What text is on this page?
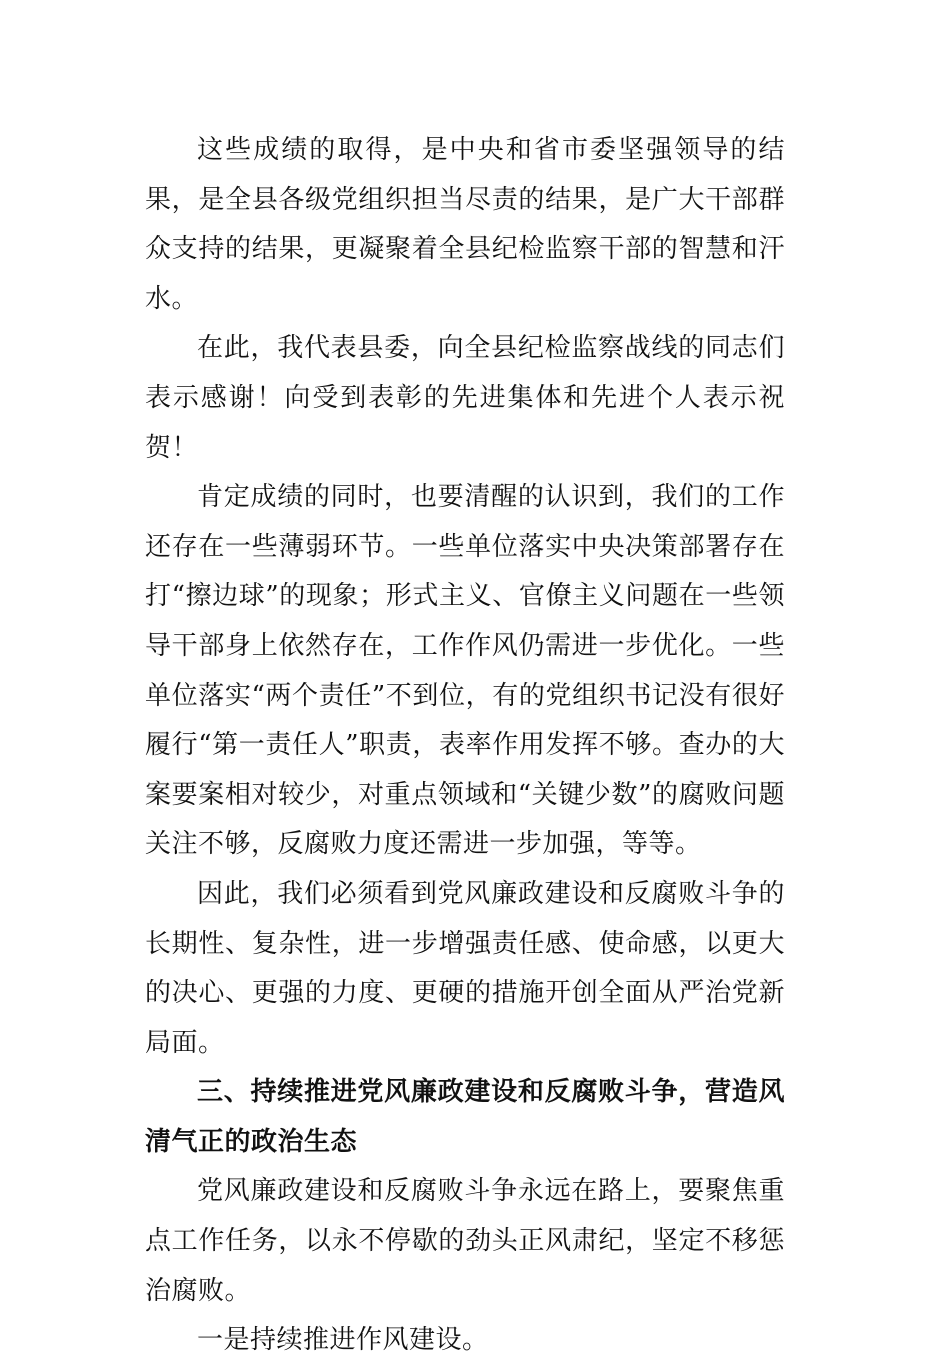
这些成绩的取得，是中央和省市委坚强领导的结果，是全县各级党组织担当尽责的结果，是广大干部群众支持的结果，更凝聚着全县纪检监察干部的智慧和汗水。

在此，我代表县委，向全县纪检监察战线的同志们表示感谢！向受到表彰的先进集体和先进个人表示祝贺！

肯定成绩的同时，也要清醒的认识到，我们的工作还存在一些薄弱环节。一些单位落实中央决策部署存在打“擦边球”的现象；形式主义、官僚主义问题在一些领导干部身上依然存在，工作作风仍需进一步优化。一些单位落实“两个责任”不到位，有的党组织书记没有很好履行“第一责任人”职责，表率作用发挥不够。查办的大案要案相对较少，对重点领域和“关键少数”的腐败问题关注不够，反腐败力度还需进一步加强，等等。

因此，我们必须看到党风廉政建设和反腐败斗争的长期性、复杂性，进一步增强责任感、使命感，以更大的决心、更强的力度、更硬的措施开创全面从严治党新局面。

三、持续推进党风廉政建设和反腐败斗争，营造风清气正的政治生态

党风廉政建设和反腐败斗争永远在路上，要聚焦重点工作任务，以永不停歇的劲头正风肃纪，坚定不移惩治腐败。

一是持续推进作风建设。
